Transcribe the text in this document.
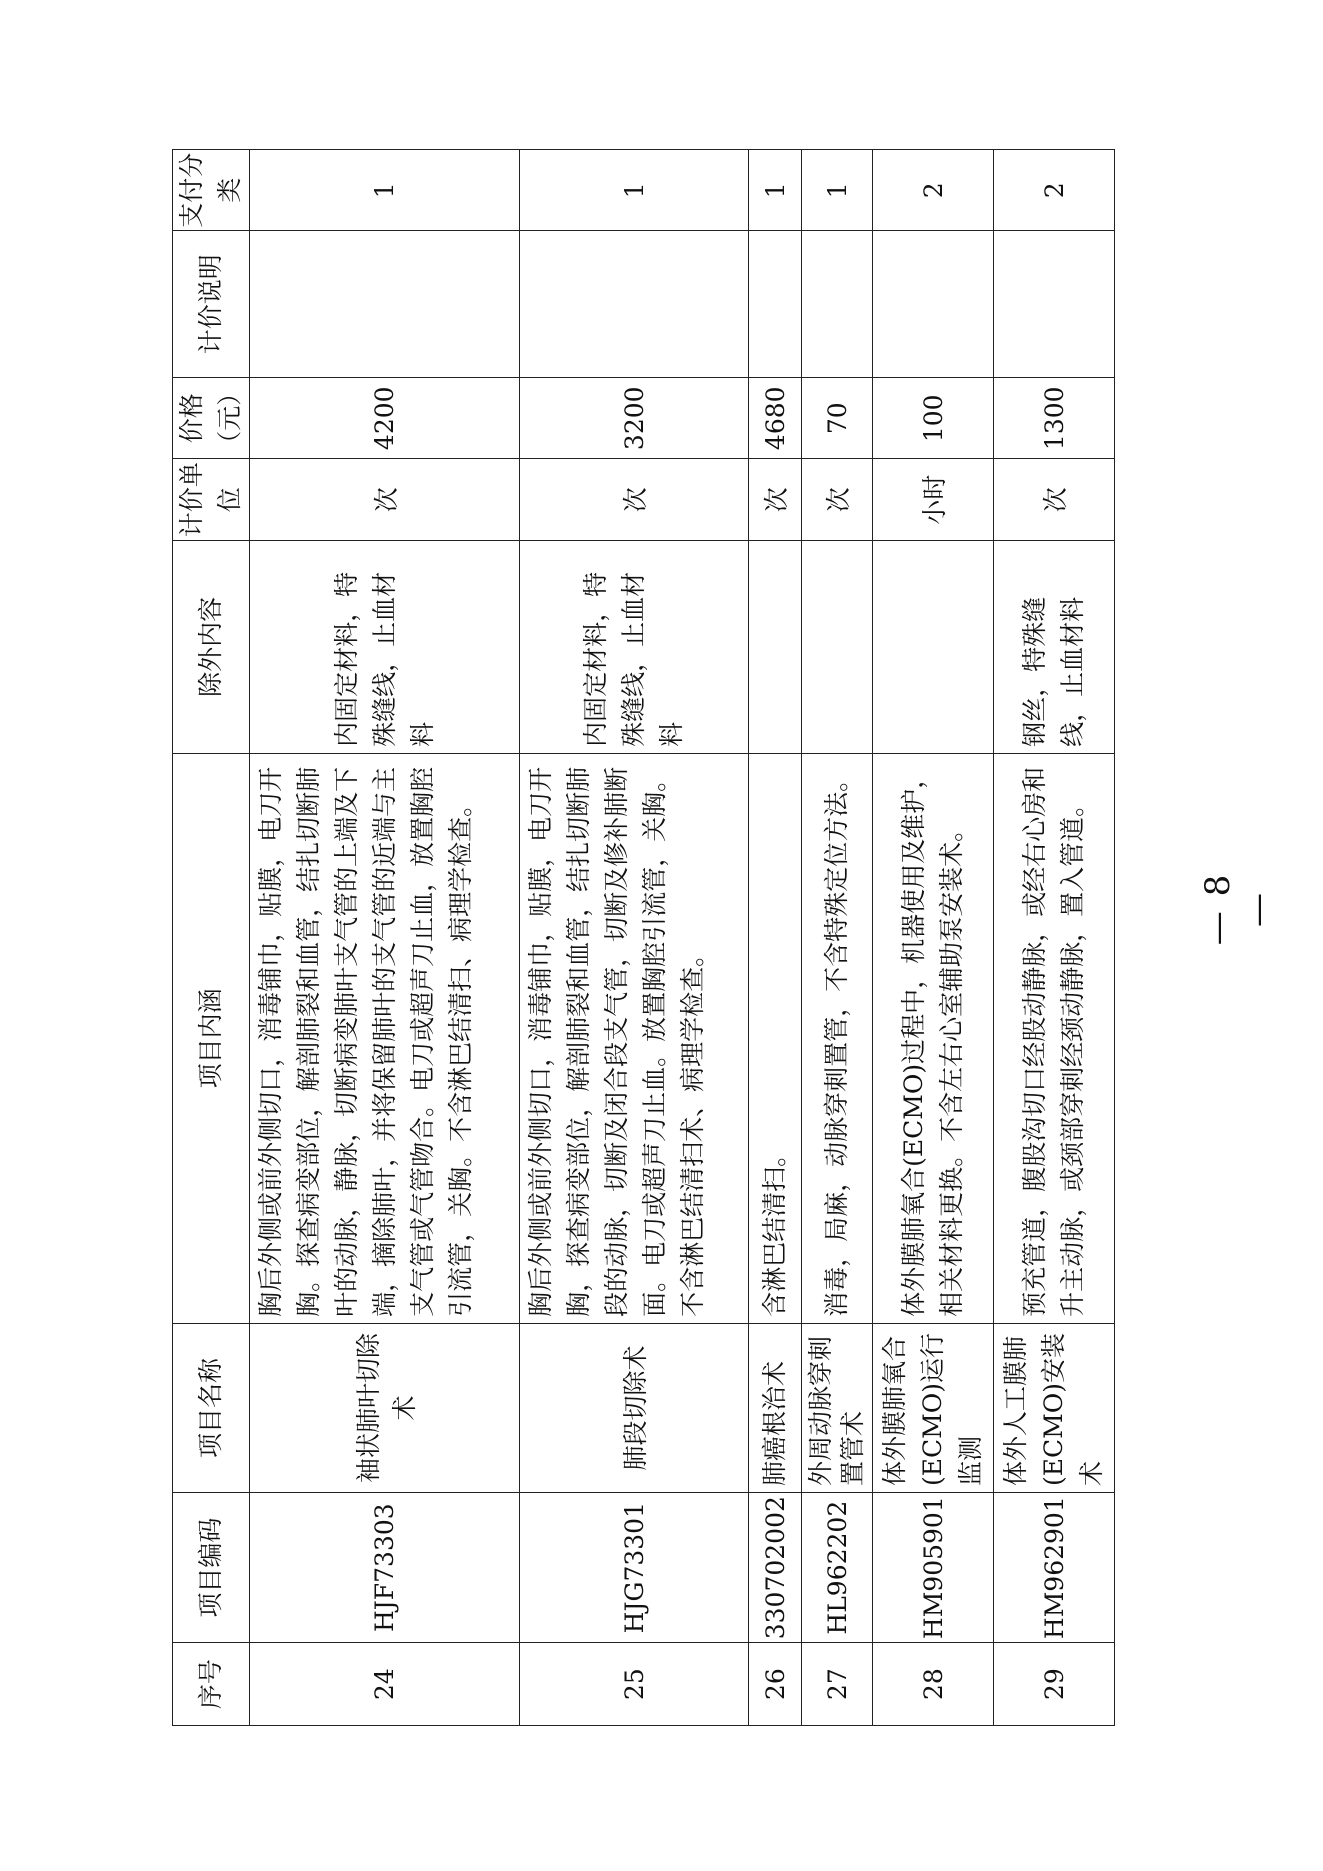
序号	项目编码	项目名称	项目内涵	除外内容	计价单位	价格（元）	计价说明	支付分类
24	HJF73303	袖状肺叶切除术	胸后外侧或前外侧切口，消毒铺巾，贴膜，电刀开胸。探查病变部位，解剖肺裂和血管，结扎切断肺叶的动脉，静脉，切断病变肺叶支气管的上端及下端，摘除肺叶，并将保留肺叶的支气管的近端与主支气管或气管吻合。电刀或超声刀止血，放置胸腔引流管，关胸。不含淋巴结清扫、病理学检查。	内固定材料，特殊缝线，止血材料	次	4200		1
25	HJG73301	肺段切除术	胸后外侧或前外侧切口，消毒铺巾，贴膜，电刀开胸，探查病变部位，解剖肺裂和血管，结扎切断肺段的动脉，切断及闭合段支气管，切断及修补肺断面。电刀或超声刀止血。放置胸腔引流管，关胸。不含淋巴结清扫术、病理学检查。	内固定材料，特殊缝线，止血材料	次	3200		1
26	330702002	肺癌根治术	含淋巴结清扫。		次	4680		1
27	HL962202	外周动脉穿刺置管术	消毒，局麻，动脉穿刺置管，不含特殊定位方法。		次	70		1
28	HM905901	体外膜肺氧合(ECMO)运行监测	体外膜肺氧合(ECMO)过程中，机器使用及维护，相关材料更换。不含左右心室辅助泵安装术。		小时	100		2
29	HM962901	体外人工膜肺(ECMO)安装术	预充管道，腹股沟切口经股动静脉，或经右心房和升主动脉，或颈部穿刺经颈动静脉，置入管道。	钢丝，特殊缝线，止血材料	次	1300		2
— 8 —
